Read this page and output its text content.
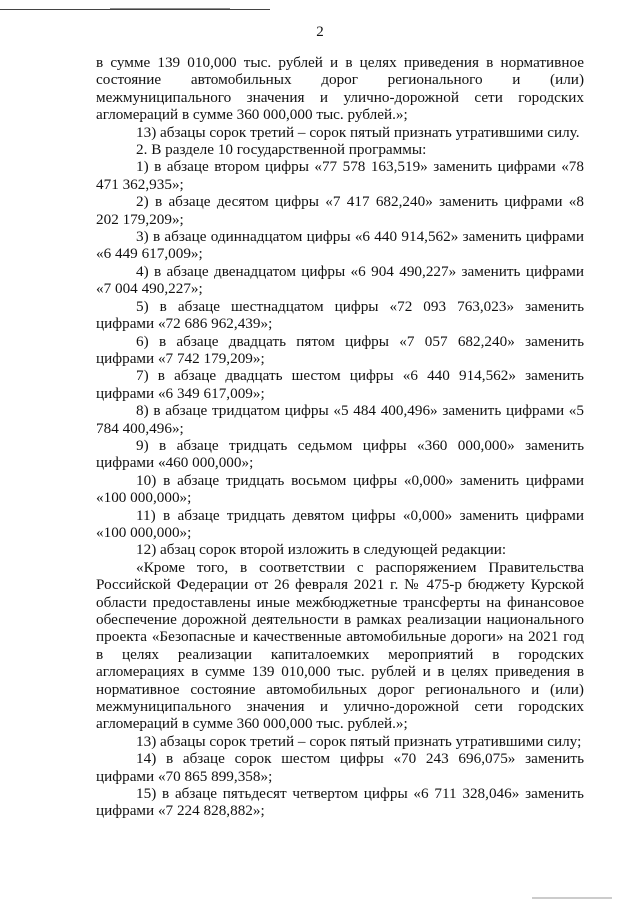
2

в сумме 139 010,000 тыс. рублей и в целях приведения в нормативное состояние автомобильных дорог регионального и (или) межмуниципального значения и улично-дорожной сети городских агломераций в сумме 360 000,000 тыс. рублей.»;

13) абзацы сорок третий – сорок пятый признать утратившими силу.

2. В разделе 10 государственной программы:

1) в абзаце втором цифры «77 578 163,519» заменить цифрами «78 471 362,935»;

2) в абзаце десятом цифры «7 417 682,240» заменить цифрами «8 202 179,209»;

3) в абзаце одиннадцатом цифры «6 440 914,562» заменить цифрами «6 449 617,009»;

4) в абзаце двенадцатом цифры «6 904 490,227» заменить цифрами «7 004 490,227»;

5) в абзаце шестнадцатом цифры «72 093 763,023» заменить цифрами «72 686 962,439»;

6) в абзаце двадцать пятом цифры «7 057 682,240» заменить цифрами «7 742 179,209»;

7) в абзаце двадцать шестом цифры «6 440 914,562» заменить цифрами «6 349 617,009»;

8) в абзаце тридцатом цифры «5 484 400,496» заменить цифрами «5 784 400,496»;

9) в абзаце тридцать седьмом цифры «360 000,000» заменить цифрами «460 000,000»;

10) в абзаце тридцать восьмом цифры «0,000» заменить цифрами «100 000,000»;

11) в абзаце тридцать девятом цифры «0,000» заменить цифрами «100 000,000»;

12) абзац сорок второй изложить в следующей редакции:

«Кроме того, в соответствии с распоряжением Правительства Российской Федерации от 26 февраля 2021 г. № 475-р бюджету Курской области предоставлены иные межбюджетные трансферты на финансовое обеспечение дорожной деятельности в рамках реализации национального проекта «Безопасные и качественные автомобильные дороги» на 2021 год в целях реализации капиталоемких мероприятий в городских агломерациях в сумме 139 010,000 тыс. рублей и в целях приведения в нормативное состояние автомобильных дорог регионального и (или) межмуниципального значения и улично-дорожной сети городских агломераций в сумме 360 000,000 тыс. рублей.»;

13) абзацы сорок третий – сорок пятый признать утратившими силу;

14) в абзаце сорок шестом цифры «70 243 696,075» заменить цифрами «70 865 899,358»;

15) в абзаце пятьдесят четвертом цифры «6 711 328,046» заменить цифрами «7 224 828,882»;
